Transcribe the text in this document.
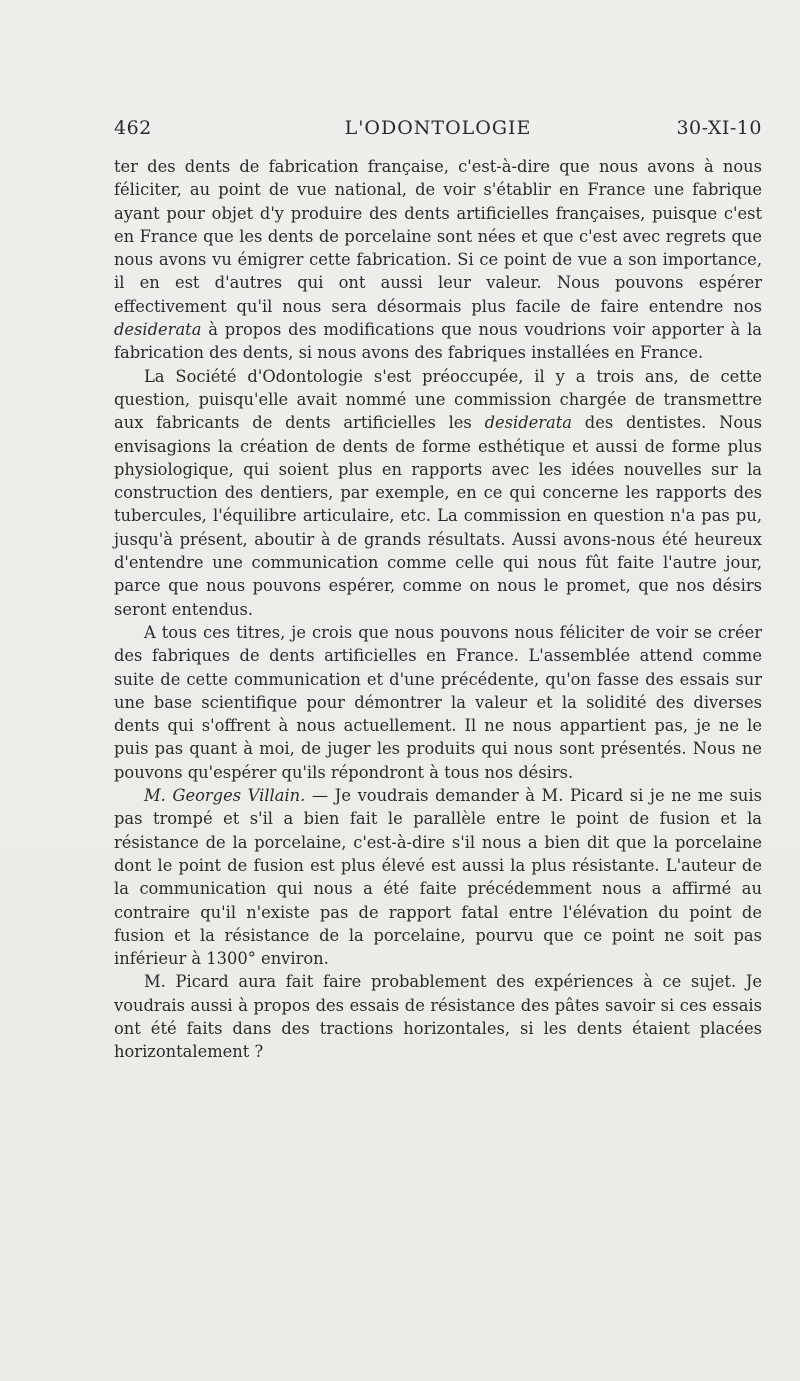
462	L'ODONTOLOGIE	30-XI-10

ter des dents de fabrication française, c'est-à-dire que nous avons à nous féliciter, au point de vue national, de voir s'établir en France une fabrique ayant pour objet d'y produire des dents artificielles françaises, puisque c'est en France que les dents de porcelaine sont nées et que c'est avec regrets que nous avons vu émigrer cette fabrication. Si ce point de vue a son importance, il en est d'autres qui ont aussi leur valeur. Nous pouvons espérer effectivement qu'il nous sera désormais plus facile de faire entendre nos desiderata à propos des modifications que nous voudrions voir apporter à la fabrication des dents, si nous avons des fabriques installées en France.

La Société d'Odontologie s'est préoccupée, il y a trois ans, de cette question, puisqu'elle avait nommé une commission chargée de transmettre aux fabricants de dents artificielles les desiderata des dentistes. Nous envisagions la création de dents de forme esthétique et aussi de forme plus physiologique, qui soient plus en rapports avec les idées nouvelles sur la construction des dentiers, par exemple, en ce qui concerne les rapports des tubercules, l'équilibre articulaire, etc. La commission en question n'a pas pu, jusqu'à présent, aboutir à de grands résultats. Aussi avons-nous été heureux d'entendre une communication comme celle qui nous fût faite l'autre jour, parce que nous pouvons espérer, comme on nous le promet, que nos désirs seront entendus.

A tous ces titres, je crois que nous pouvons nous féliciter de voir se créer des fabriques de dents artificielles en France. L'assemblée attend comme suite de cette communication et d'une précédente, qu'on fasse des essais sur une base scientifique pour démontrer la valeur et la solidité des diverses dents qui s'offrent à nous actuellement. Il ne nous appartient pas, je ne le puis pas quant à moi, de juger les produits qui nous sont présentés. Nous ne pouvons qu'espérer qu'ils répondront à tous nos désirs.

M. Georges Villain. — Je voudrais demander à M. Picard si je ne me suis pas trompé et s'il a bien fait le parallèle entre le point de fusion et la résistance de la porcelaine, c'est-à-dire s'il nous a bien dit que la porcelaine dont le point de fusion est plus élevé est aussi la plus résistante. L'auteur de la communication qui nous a été faite précédemment nous a affirmé au contraire qu'il n'existe pas de rapport fatal entre l'élévation du point de fusion et la résistance de la porcelaine, pourvu que ce point ne soit pas inférieur à 1300° environ.

M. Picard aura fait faire probablement des expériences à ce sujet. Je voudrais aussi à propos des essais de résistance des pâtes savoir si ces essais ont été faits dans des tractions horizontales, si les dents étaient placées horizontalement ?
